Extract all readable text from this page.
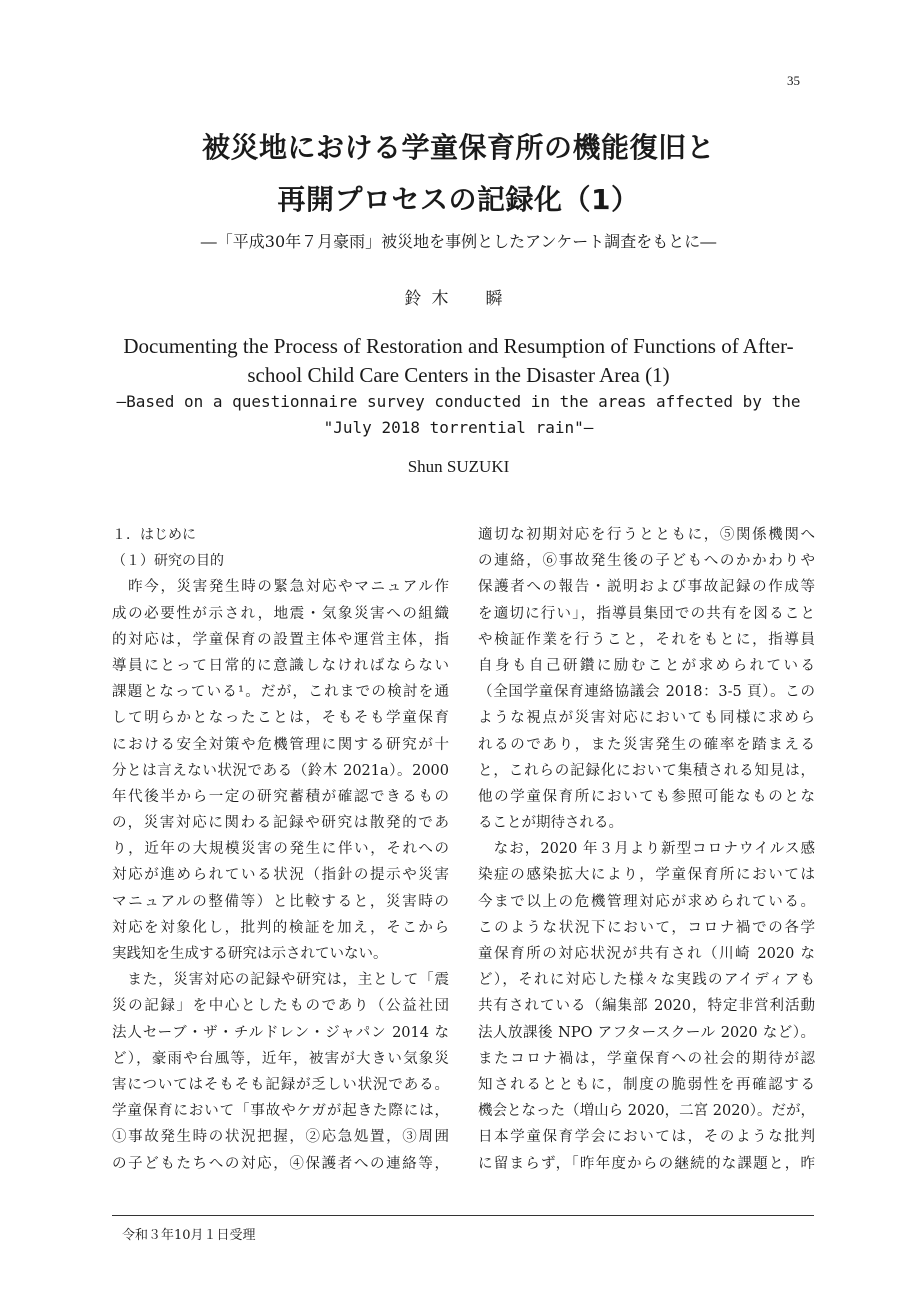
35
被災地における学童保育所の機能復旧と
再開プロセスの記録化（1）
―「平成30年７月豪雨」被災地を事例としたアンケート調査をもとに―
鈴木　瞬
Documenting the Process of Restoration and Resumption of Functions of After-
school Child Care Centers in the Disaster Area (1)
―Based on a questionnaire survey conducted in the areas affected by the
"July 2018 torrential rain"―
Shun SUZUKI
１．はじめに
（１）研究の目的
　昨今，災害発生時の緊急対応やマニュアル作
成の必要性が示され，地震・気象災害への組織
的対応は，学童保育の設置主体や運営主体，指
導員にとって日常的に意識しなければならない
課題となっている¹。だが，これまでの検討を通
して明らかとなったことは，そもそも学童保育
における安全対策や危機管理に関する研究が十
分とは言えない状況である（鈴木 2021a）。2000
年代後半から一定の研究蓄積が確認できるもの
の，災害対応に関わる記録や研究は散発的であ
り，近年の大規模災害の発生に伴い，それへの
対応が進められている状況（指針の提示や災害
マニュアルの整備等）と比較すると，災害時の
対応を対象化し，批判的検証を加え，そこから
実践知を生成する研究は示されていない。
　また，災害対応の記録や研究は，主として「震
災の記録」を中心としたものであり（公益社団
法人セーブ・ザ・チルドレン・ジャパン 2014 な
ど），豪雨や台風等，近年，被害が大きい気象災
害についてはそもそも記録が乏しい状況である。
学童保育において「事故やケガが起きた際には，
①事故発生時の状況把握，②応急処置，③周囲
の子どもたちへの対応，④保護者への連絡等，
適切な初期対応を行うとともに，⑤関係機関へ
の連絡，⑥事故発生後の子どもへのかかわりや
保護者への報告・説明および事故記録の作成等
を適切に行い」，指導員集団での共有を図ること
や検証作業を行うこと，それをもとに，指導員
自身も自己研鑽に励むことが求められている
（全国学童保育連絡協議会 2018：3-5 頁）。この
ような視点が災害対応においても同様に求めら
れるのであり，また災害発生の確率を踏まえる
と，これらの記録化において集積される知見は，
他の学童保育所においても参照可能なものとな
ることが期待される。
　なお，2020 年３月より新型コロナウイルス感
染症の感染拡大により，学童保育所においては
今まで以上の危機管理対応が求められている。
このような状況下において，コロナ禍での各学
童保育所の対応状況が共有され（川崎 2020 な
ど），それに対応した様々な実践のアイディアも
共有されている（編集部 2020，特定非営利活動
法人放課後 NPO アフタースクール 2020 など）。
またコロナ禍は，学童保育への社会的期待が認
知されるとともに，制度の脆弱性を再確認する
機会となった（増山ら 2020，二宮 2020）。だが，
日本学童保育学会においては，そのような批判
に留まらず，「昨年度からの継続的な課題と，昨
令和３年10月１日受理
